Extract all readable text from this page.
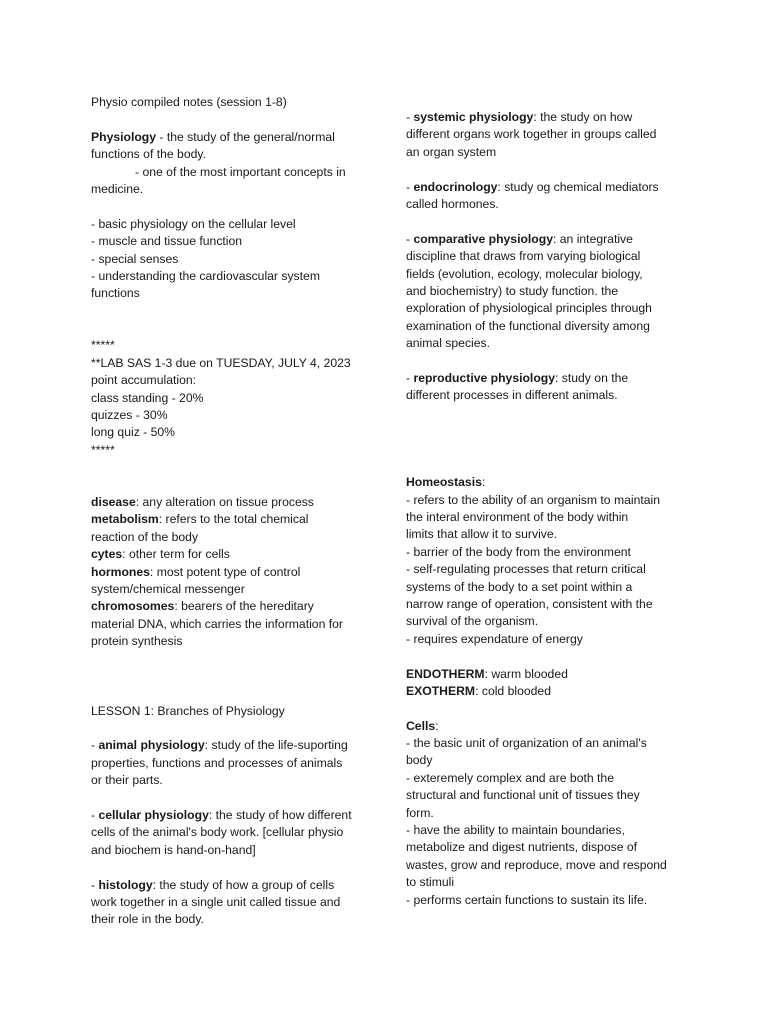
Physio compiled notes (session 1-8)
Physiology - the study of the general/normal
functions of the body.
- one of the most important concepts in
medicine.
- basic physiology on the cellular level
- muscle and tissue function
- special senses
- understanding the cardiovascular system
functions
*****
**LAB SAS 1-3 due on TUESDAY, JULY 4, 2023
point accumulation:
class standing - 20%
quizzes - 30%
long quiz - 50%
*****
disease: any alteration on tissue process
metabolism: refers to the total chemical
reaction of the body
cytes: other term for cells
hormones: most potent type of control
system/chemical messenger
chromosomes: bearers of the hereditary
material DNA, which carries the information for
protein synthesis
LESSON 1: Branches of Physiology
- animal physiology: study of the life-suporting
properties, functions and processes of animals
or their parts.
- cellular physiology: the study of how different
cells of the animal's body work. [cellular physio
and biochem is hand-on-hand]
- histology: the study of how a group of cells
work together in a single unit called tissue and
their role in the body.
- systemic physiology: the study on how
different organs work together in groups called
an organ system
- endocrinology: study og chemical mediators
called hormones.
- comparative physiology: an integrative
discipline that draws from varying biological
fields (evolution, ecology, molecular biology,
and biochemistry) to study function. the
exploration of physiological principles through
examination of the functional diversity among
animal species.
- reproductive physiology: study on the
different processes in different animals.
Homeostasis:
- refers to the ability of an organism to maintain
the interal environment of the body within
limits that allow it to survive.
- barrier of the body from the environment
- self-regulating processes that return critical
systems of the body to a set point within a
narrow range of operation, consistent with the
survival of the organism.
- requires expendature of energy
ENDOTHERM: warm blooded
EXOTHERM: cold blooded
Cells:
- the basic unit of organization of an animal's
body
- exteremely complex and are both the
structural and functional unit of tissues they
form.
- have the ability to maintain boundaries,
metabolize and digest nutrients, dispose of
wastes, grow and reproduce, move and respond
to stimuli
- performs certain functions to sustain its life.
